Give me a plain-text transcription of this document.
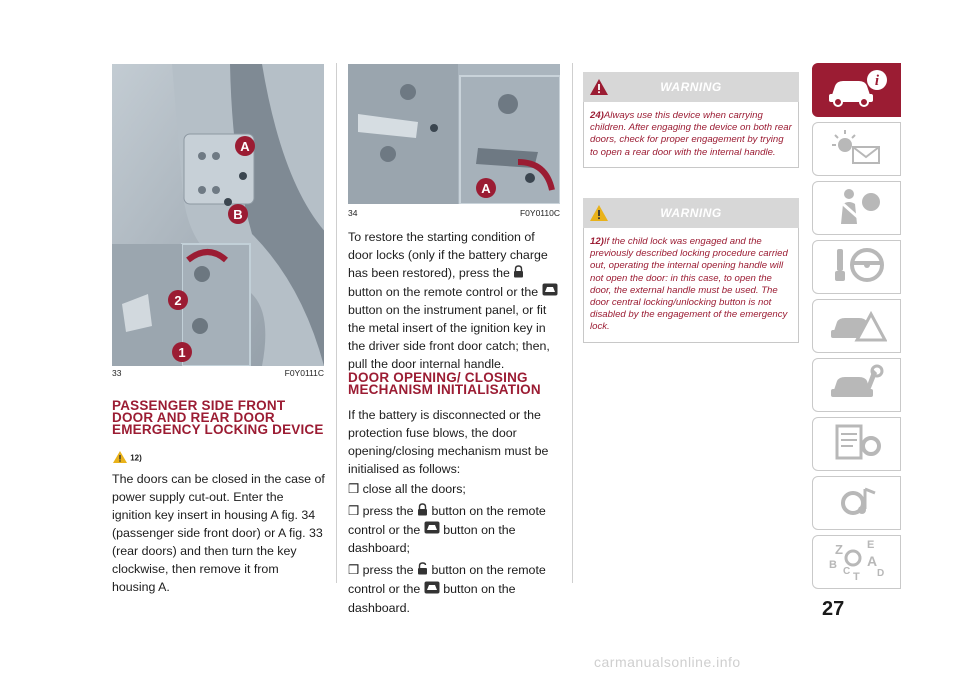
A
B
2
1
33	F0Y0111C
PASSENGER SIDE FRONT DOOR AND REAR DOOR EMERGENCY LOCKING DEVICE
12)
The doors can be closed in the case of power supply cut-out. Enter the ignition key insert in housing A fig. 34 (passenger side front door) or A fig. 33 (rear doors) and then turn the key clockwise, then remove it from housing A.
A
34	F0Y0110C
To restore the starting condition of door locks (only if the battery charge has been restored), press the  button on the remote control or the  button on the instrument panel, or fit the metal insert of the ignition key in the driver side front door catch; then, pull the door internal handle.
DOOR OPENING/ CLOSING MECHANISM INITIALISATION
If the battery is disconnected or the protection fuse blows, the door opening/closing mechanism must be initialised as follows:
❒ close all the doors;
❒ press the button on the remote control or the button on the dashboard;
❒ press the button on the remote control or the button on the dashboard.
WARNING
24)Always use this device when carrying children. After engaging the device on both rear doors, check for proper engagement by trying to open a rear door with the internal handle.
WARNING
12)If the child lock was engaged and the previously described locking procedure carried out, operating the internal opening handle will not open the door: in this case, to open the door, the external handle must be used. The door central locking/unlocking button is not disabled by the engagement of the emergency lock.
i
Z E
B A
C T D
27
carmanualsonline.info
